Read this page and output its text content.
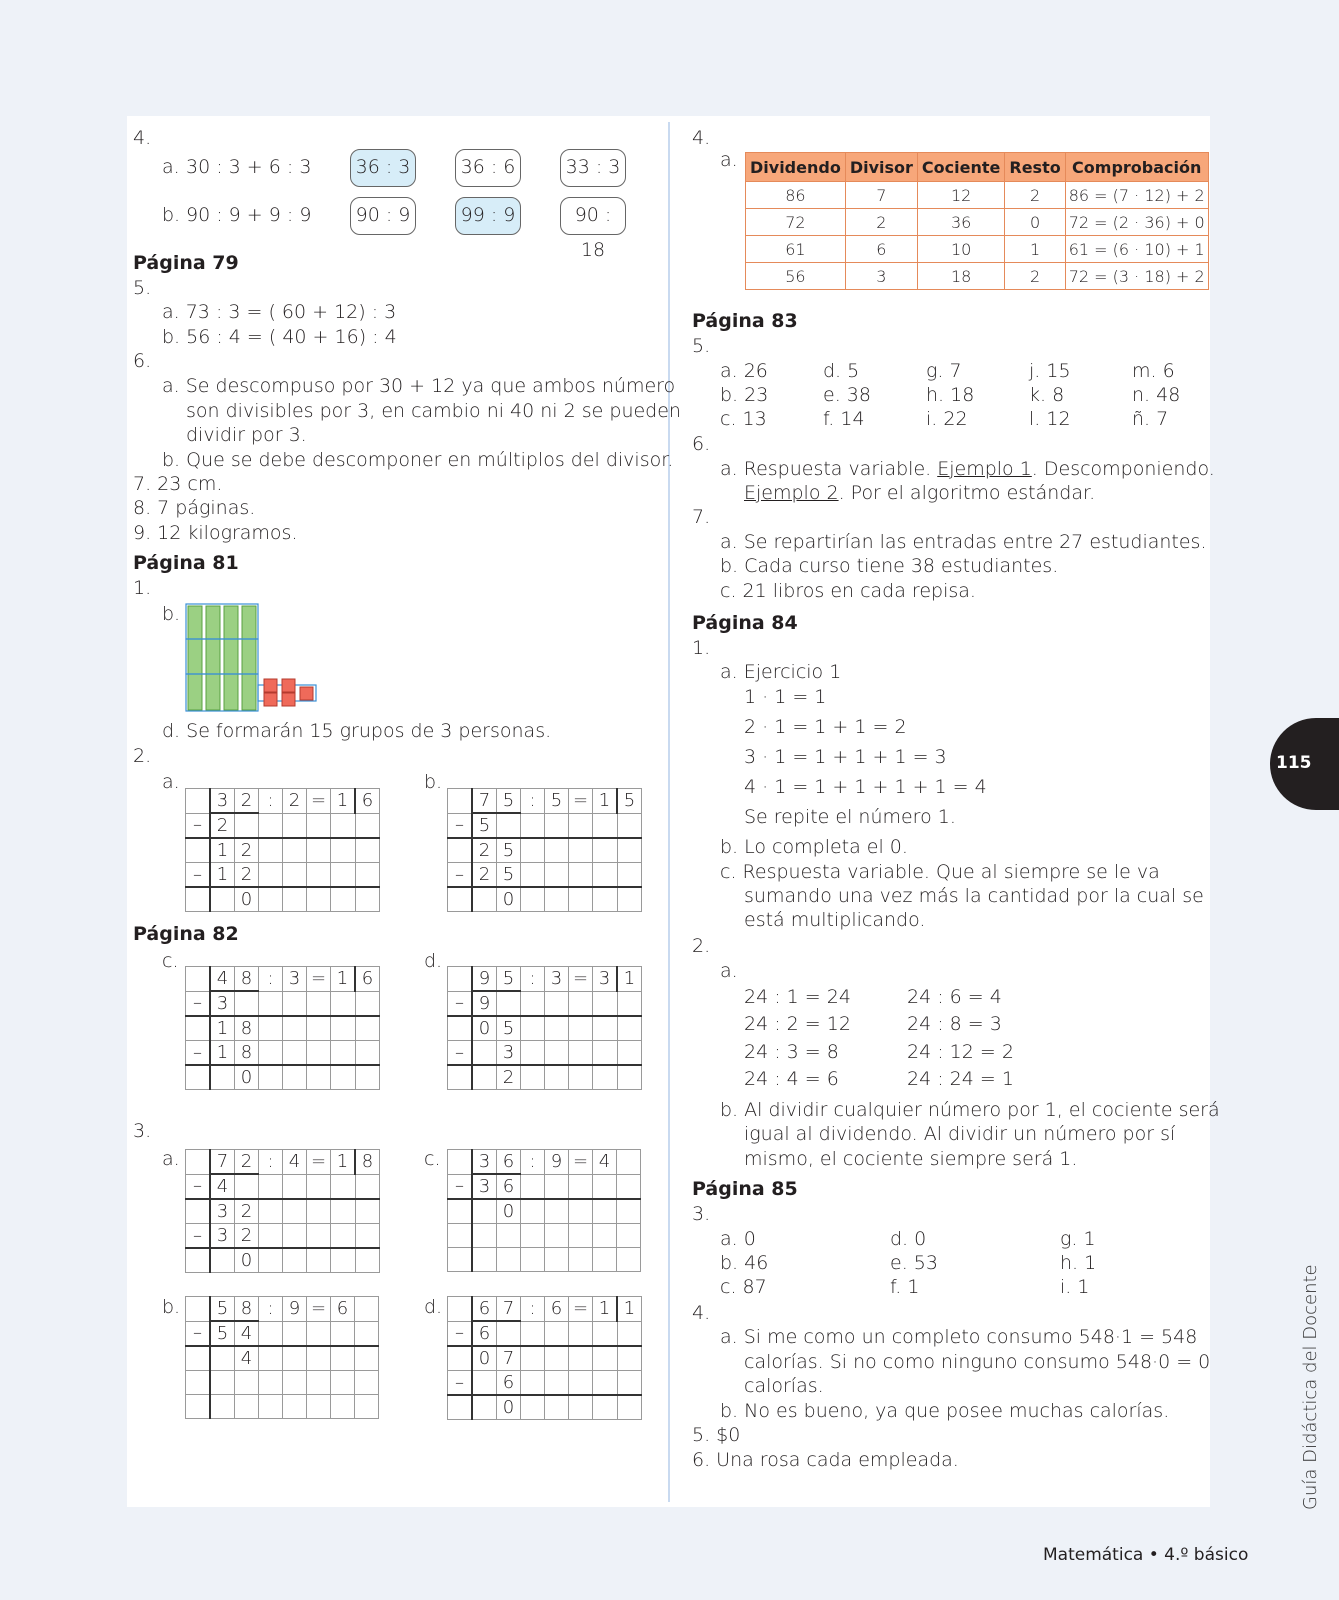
4.
a. 30 : 3 + 6 : 3 36 : 3	36 : 6	33 : 3
b. 90 : 9 + 9 : 9 90 : 9	99 : 9	90 : 18
Página 79
5.
a. 73 : 3 = ( 60 + 12) : 3
b. 56 : 4 = ( 40 + 16) : 4
6.
a. Se descompuso por 30 + 12 ya que ambos número
son divisibles por 3, en cambio ni 40 ni 2 se pueden
dividir por 3.
b. Que se debe descomponer en múltiplos del divisor.
7. 23 cm.
8. 7 páginas.
9. 12 kilogramos.
Página 81
1.
b.
d. Se formarán 15 grupos de 3 personas.
2.
a.	b.
	3	2	:	2	=	1	6
–	2						
	1	2					
–	1	2					
		0					
	7	5	:	5	=	1	5
–	5						
	2	5					
–	2	5					
		0					
Página 82
c.	d.
	4	8	:	3	=	1	6
–	3						
	1	8					
–	1	8					
		0					
	9	5	:	3	=	3	1
–	9						
	0	5					
–		3					
		2					
3.
a.	c.
	7	2	:	4	=	1	8
–	4						
	3	2					
–	3	2					
		0					
	3	6	:	9	=	4	
–	3	6					
		0					

b.	d.
	5	8	:	9	=	6	
–	5	4					
		4					

	6	7	:	6	=	1	1
–	6						
	0	7					
–		6					
		0					
4.
a. Dividendo	Divisor	Cociente	Resto	Comprobación
86	7	12	2	86 = (7 · 12) + 2
72	2	36	0	72 = (2 · 36) + 0
61	6	10	1	61 = (6 · 10) + 1
56	3	18	2	72 = (3 · 18) + 2
Página 83
5.
a. 26	d. 5	g. 7	j. 15	m. 6
b. 23	e. 38	h. 18	k. 8	n. 48
c. 13	f. 14	i. 22	l. 12	ñ. 7
6.
a. Respuesta variable. Ejemplo 1. Descomponiendo.
Ejemplo 2. Por el algoritmo estándar.
7.
a. Se repartirían las entradas entre 27 estudiantes.
b. Cada curso tiene 38 estudiantes.
c. 21 libros en cada repisa.
Página 84
1.
a. Ejercicio 1
1 · 1 = 1
2 · 1 = 1 + 1 = 2
3 · 1 = 1 + 1 + 1 = 3
4 · 1 = 1 + 1 + 1 + 1 = 4
Se repite el número 1.
b. Lo completa el 0.
c. Respuesta variable. Que al siempre se le va
sumando una vez más la cantidad por la cual se
está multiplicando.
2.
a.
24 : 1 = 24
24 : 2 = 12
24 : 3 = 8
24 : 4 = 6
24 : 6 = 4
24 : 8 = 3
24 : 12 = 2
24 : 24 = 1
b. Al dividir cualquier número por 1, el cociente será
igual al dividendo. Al dividir un número por sí
mismo, el cociente siempre será 1.
Página 85
3.
a. 0	d. 0	g. 1
b. 46	e. 53	h. 1
c. 87	f. 1	i. 1
4.
a. Si me como un completo consumo 548·1 = 548
calorías. Si no como ninguno consumo 548·0 = 0
calorías.
b. No es bueno, ya que posee muchas calorías.
5. $0
6. Una rosa cada empleada.
115
Guía Didáctica del Docente
Matemática • 4.º básico
